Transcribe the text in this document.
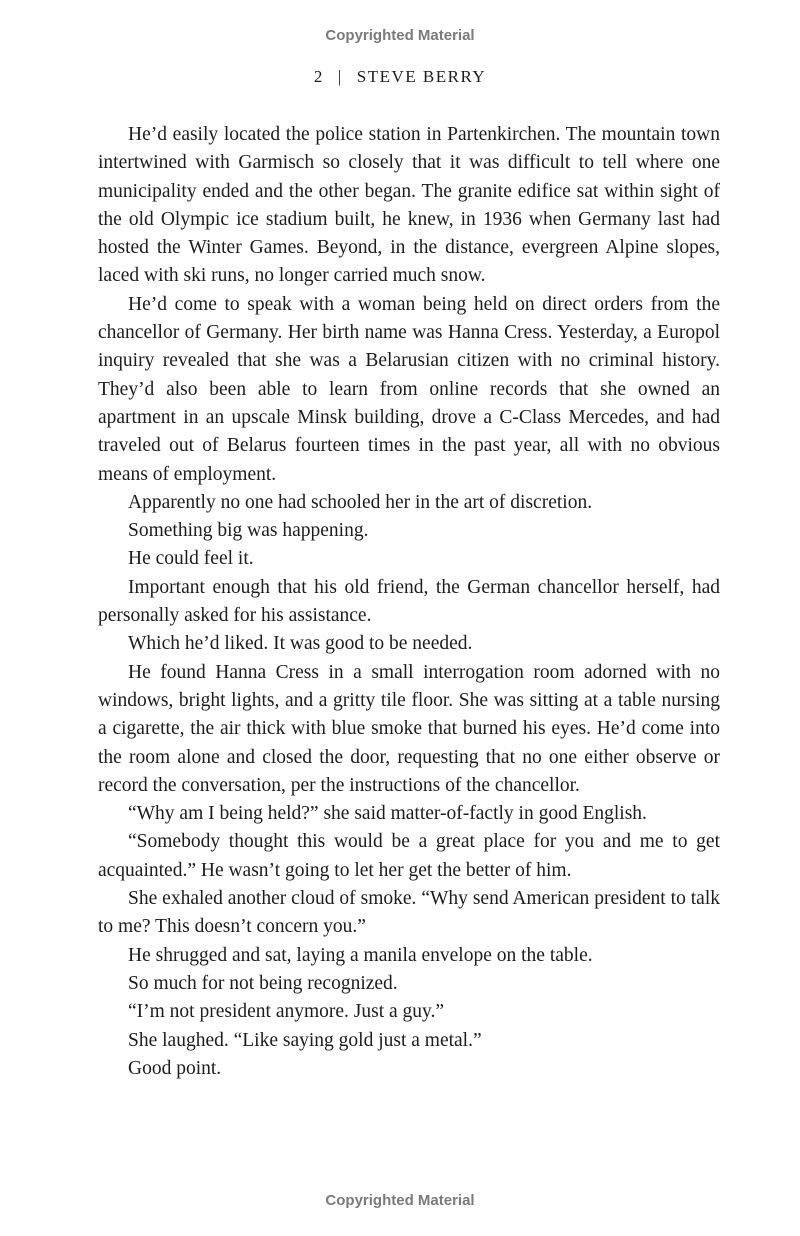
Copyrighted Material
2 | STEVE BERRY

He’d easily located the police station in Partenkirchen. The mountain town intertwined with Garmisch so closely that it was difficult to tell where one municipality ended and the other began. The granite edifice sat within sight of the old Olympic ice stadium built, he knew, in 1936 when Germany last had hosted the Winter Games. Beyond, in the distance, evergreen Alpine slopes, laced with ski runs, no longer carried much snow.

He’d come to speak with a woman being held on direct orders from the chancellor of Germany. Her birth name was Hanna Cress. Yesterday, a Europol inquiry revealed that she was a Belarusian citizen with no criminal history. They’d also been able to learn from online records that she owned an apartment in an upscale Minsk building, drove a C-Class Mercedes, and had traveled out of Belarus fourteen times in the past year, all with no obvious means of employment.

Apparently no one had schooled her in the art of discretion.

Something big was happening.

He could feel it.

Important enough that his old friend, the German chancellor herself, had personally asked for his assistance.

Which he’d liked. It was good to be needed.

He found Hanna Cress in a small interrogation room adorned with no windows, bright lights, and a gritty tile floor. She was sitting at a table nursing a cigarette, the air thick with blue smoke that burned his eyes. He’d come into the room alone and closed the door, requesting that no one either observe or record the conversation, per the instructions of the chancellor.

“Why am I being held?” she said matter-of-factly in good English.

“Somebody thought this would be a great place for you and me to get acquainted.” He wasn’t going to let her get the better of him.

She exhaled another cloud of smoke. “Why send American president to talk to me? This doesn’t concern you.”

He shrugged and sat, laying a manila envelope on the table.

So much for not being recognized.

“I’m not president anymore. Just a guy.”

She laughed. “Like saying gold just a metal.”

Good point.

Copyrighted Material
